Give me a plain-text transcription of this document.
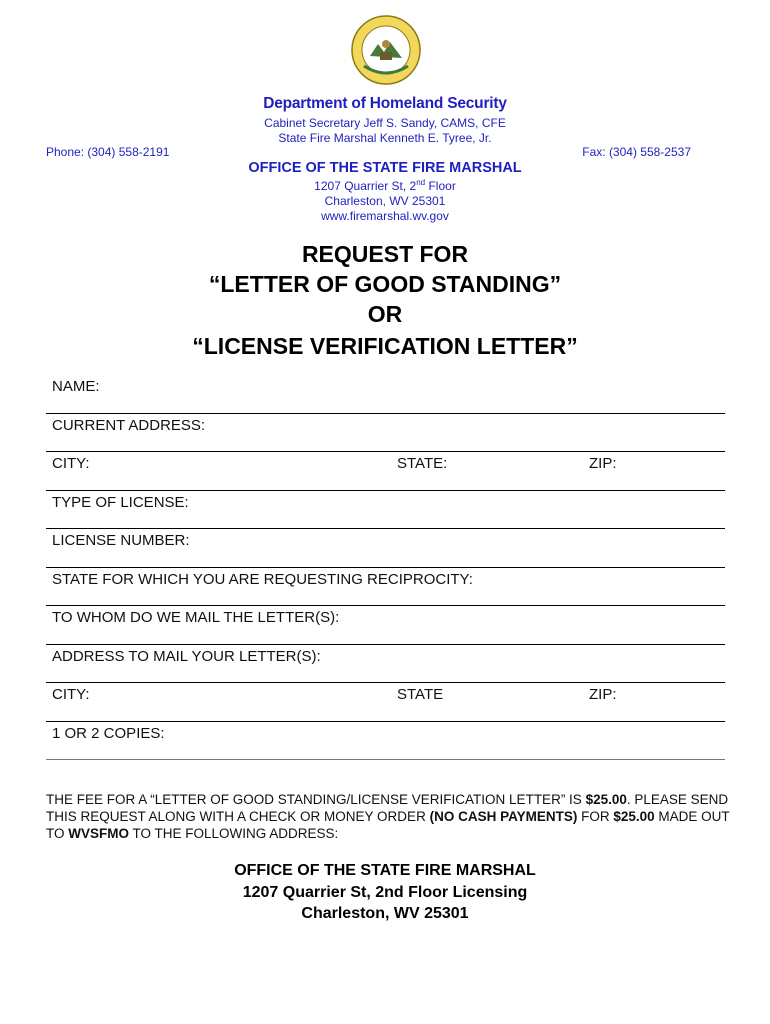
Department of Homeland Security
Cabinet Secretary Jeff S. Sandy, CAMS, CFE
State Fire Marshal Kenneth E. Tyree, Jr.
Phone: (304) 558-2191	Fax: (304) 558-2537
OFFICE OF THE STATE FIRE MARSHAL
1207 Quarrier St, 2nd Floor
Charleston, WV 25301
www.firemarshal.wv.gov
REQUEST FOR
“LETTER OF GOOD STANDING”
OR
“LICENSE VERIFICATION LETTER”
NAME:
CURRENT ADDRESS:
CITY:	STATE:	ZIP:
TYPE OF LICENSE:
LICENSE NUMBER:
STATE FOR WHICH YOU ARE REQUESTING RECIPROCITY:
TO WHOM DO WE MAIL THE LETTER(S):
ADDRESS TO MAIL YOUR LETTER(S):
CITY:	STATE	ZIP:
1 OR 2 COPIES:
THE FEE FOR A “LETTER OF GOOD STANDING/LICENSE VERIFICATION LETTER” IS $25.00. PLEASE SEND THIS REQUEST ALONG WITH A CHECK OR MONEY ORDER (NO CASH PAYMENTS) FOR $25.00 MADE OUT TO WVSFMO TO THE FOLLOWING ADDRESS:
OFFICE OF THE STATE FIRE MARSHAL
1207 Quarrier St, 2nd Floor Licensing
Charleston, WV 25301
